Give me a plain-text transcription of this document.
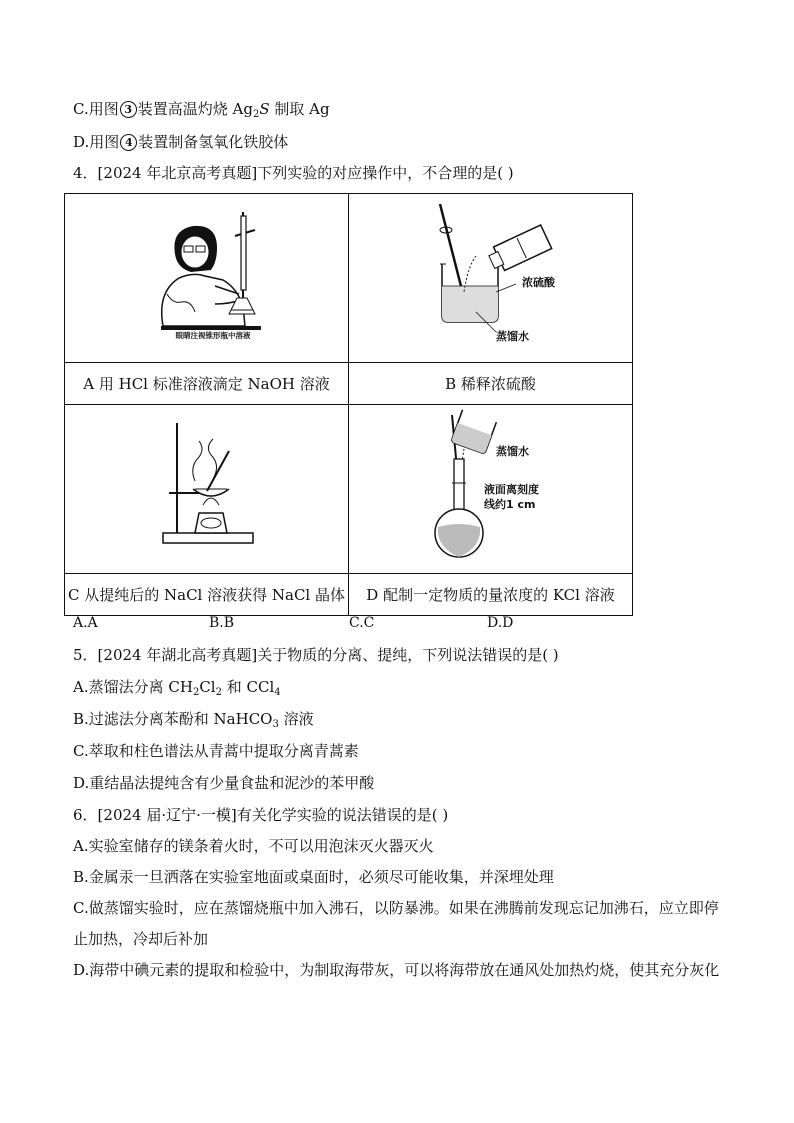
C.用图 3 装置高温灼烧 $Ag_2S$ 制取 Ag
D.用图 4 装置制备氢氧化铁胶体
4．[2024 年北京高考真题]下列实验的对应操作中，不合理的是( )
眼睛注视锥形瓶中溶液	浓硫酸
蒸馏水

A 用 HCl 标准溶液滴定 NaOH 溶液	B 稀释浓硫酸

蒸馏水
液面离刻度
线约1 cm

C 从提纯后的 NaCl 溶液获得 NaCl 晶体	D 配制一定物质的量浓度的 KCl 溶液
A.A	B.B	C.C	D.D
5．[2024 年湖北高考真题]关于物质的分离、提纯，下列说法错误的是( )
A.蒸馏法分离 $CH_2Cl_2$ 和 CCl$_4$
B.过滤法分离苯酚和 NaHCO$_3$ 溶液
C.萃取和柱色谱法从青蒿中提取分离青蒿素
D.重结晶法提纯含有少量食盐和泥沙的苯甲酸
6．[2024 届·辽宁·一模]有关化学实验的说法错误的是( )
A.实验室储存的镁条着火时，不可以用泡沫灭火器灭火
B.金属汞一旦洒落在实验室地面或桌面时，必须尽可能收集，并深埋处理
C.做蒸馏实验时，应在蒸馏烧瓶中加入沸石，以防暴沸。如果在沸腾前发现忘记加沸石，应立即停止加热，冷却后补加
D.海带中碘元素的提取和检验中，为制取海带灰，可以将海带放在通风处加热灼烧，使其充分灰化
